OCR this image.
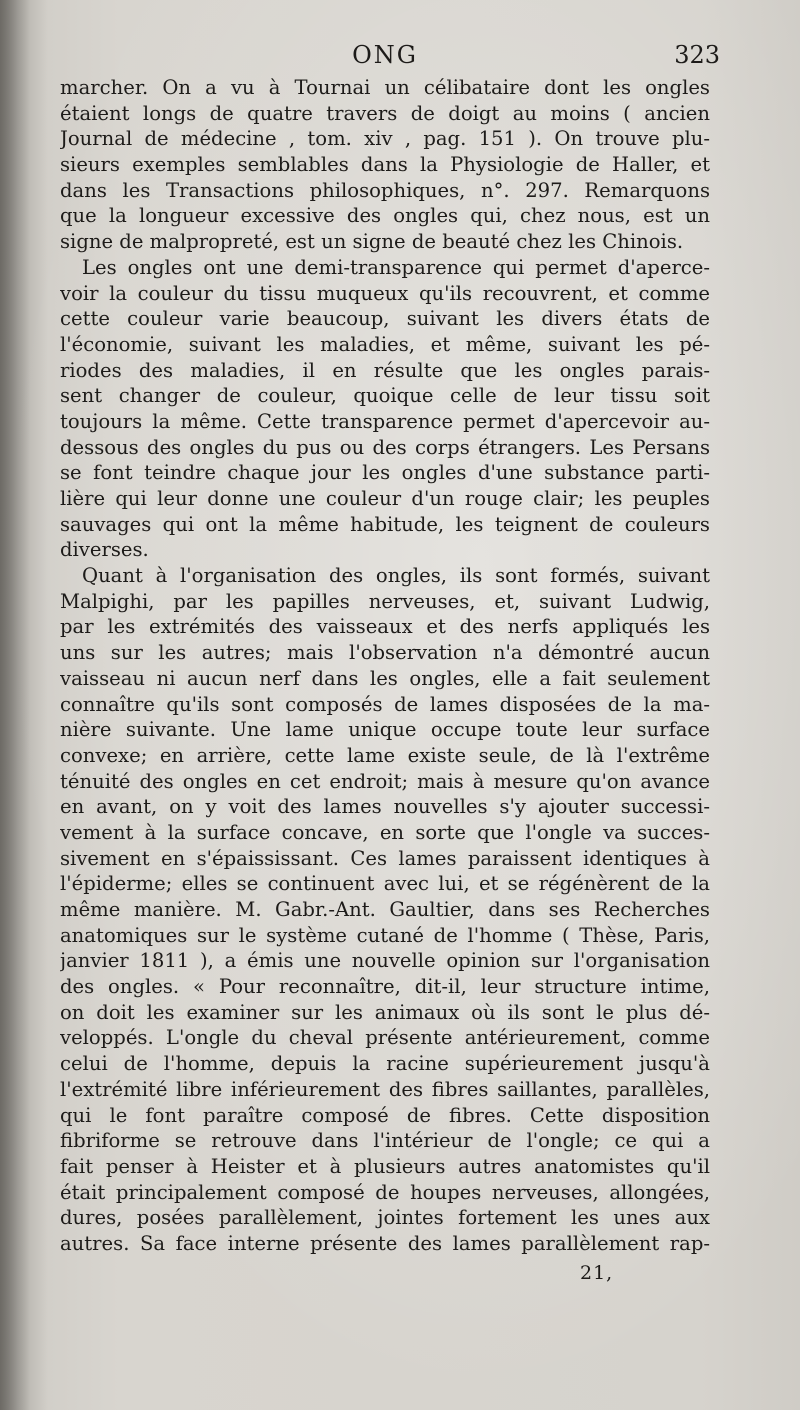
ONG	323
marcher. On a vu à Tournai un célibataire dont les ongles
étaient longs de quatre travers de doigt au moins ( ancien
Journal de médecine , tom. xiv , pag. 151 ). On trouve plu-
sieurs exemples semblables dans la Physiologie de Haller, et
dans les Transactions philosophiques, n°. 297. Remarquons
que la longueur excessive des ongles qui, chez nous, est un
signe de malpropreté, est un signe de beauté chez les Chinois.
Les ongles ont une demi-transparence qui permet d'aperce-
voir la couleur du tissu muqueux qu'ils recouvrent, et comme
cette couleur varie beaucoup, suivant les divers états de
l'économie, suivant les maladies, et même, suivant les pé-
riodes des maladies, il en résulte que les ongles parais-
sent changer de couleur, quoique celle de leur tissu soit
toujours la même. Cette transparence permet d'apercevoir au-
dessous des ongles du pus ou des corps étrangers. Les Persans
se font teindre chaque jour les ongles d'une substance parti-
lière qui leur donne une couleur d'un rouge clair; les peuples
sauvages qui ont la même habitude, les teignent de couleurs
diverses.
Quant à l'organisation des ongles, ils sont formés, suivant
Malpighi, par les papilles nerveuses, et, suivant Ludwig,
par les extrémités des vaisseaux et des nerfs appliqués les
uns sur les autres; mais l'observation n'a démontré aucun
vaisseau ni aucun nerf dans les ongles, elle a fait seulement
connaître qu'ils sont composés de lames disposées de la ma-
nière suivante. Une lame unique occupe toute leur surface
convexe; en arrière, cette lame existe seule, de là l'extrême
ténuité des ongles en cet endroit; mais à mesure qu'on avance
en avant, on y voit des lames nouvelles s'y ajouter successi-
vement à la surface concave, en sorte que l'ongle va succes-
sivement en s'épaississant. Ces lames paraissent identiques à
l'épiderme; elles se continuent avec lui, et se régénèrent de la
même manière. M. Gabr.-Ant. Gaultier, dans ses Recherches
anatomiques sur le système cutané de l'homme ( Thèse, Paris,
janvier 1811 ), a émis une nouvelle opinion sur l'organisation
des ongles. « Pour reconnaître, dit-il, leur structure intime,
on doit les examiner sur les animaux où ils sont le plus dé-
veloppés. L'ongle du cheval présente antérieurement, comme
celui de l'homme, depuis la racine supérieurement jusqu'à
l'extrémité libre inférieurement des fibres saillantes, parallèles,
qui le font paraître composé de fibres. Cette disposition
fibriforme se retrouve dans l'intérieur de l'ongle; ce qui a
fait penser à Heister et à plusieurs autres anatomistes qu'il
était principalement composé de houpes nerveuses, allongées,
dures, posées parallèlement, jointes fortement les unes aux
autres. Sa face interne présente des lames parallèlement rap-
21,
